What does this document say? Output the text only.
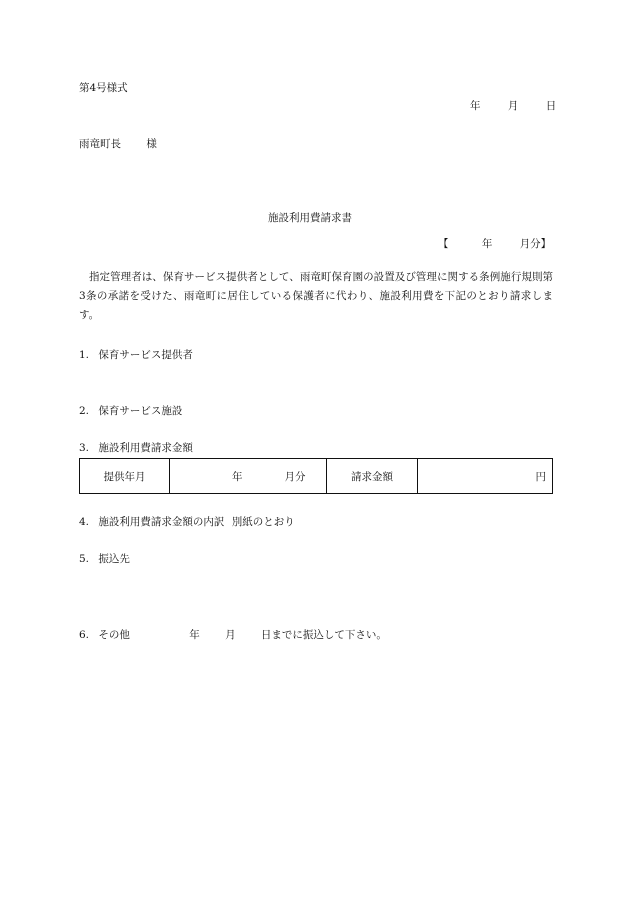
第4号様式
年	月	日
雨竜町長 様
施設利用費請求書
【	年	月分】
指定管理者は、保育サービス提供者として、雨竜町保育園の設置及び管理に関する条例施行規則第3条の承諾を受けた、雨竜町に居住している保護者に代わり、施設利用費を下記のとおり請求します。
1. 保育サービス提供者
2. 保育サービス施設
3. 施設利用費請求金額
提供年月	年	月分	請求金額	円
4. 施設利用費請求金額の内訳 別紙のとおり
5. 振込先
6. その他	年 月 日までに振込して下さい。
